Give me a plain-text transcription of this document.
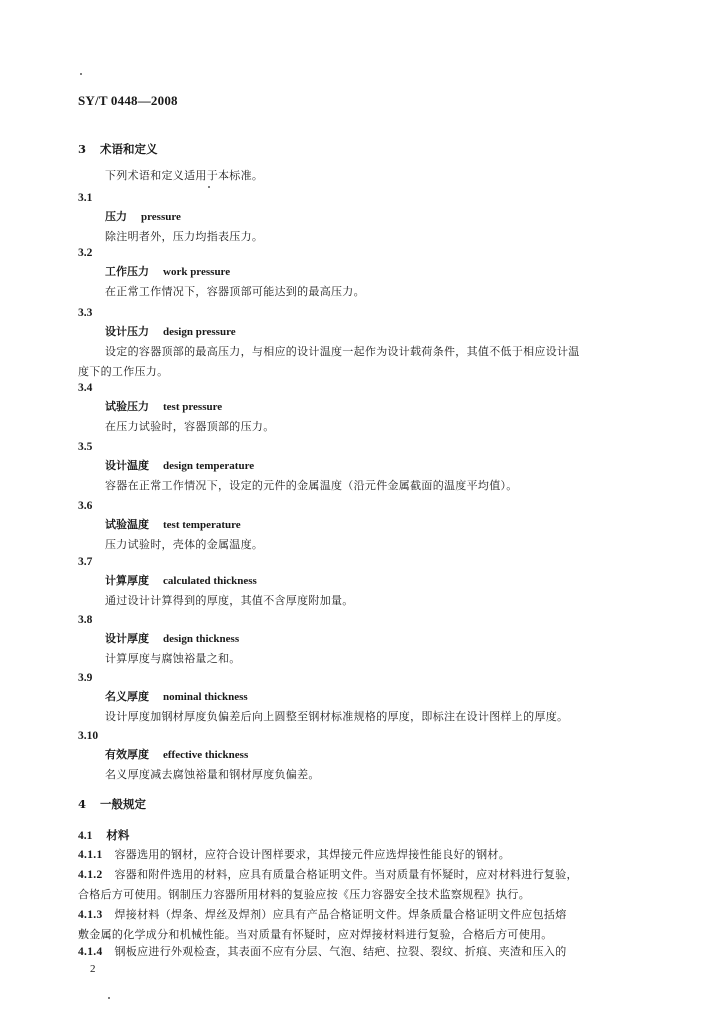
SY/T 0448—2008
3 术语和定义
下列术语和定义适用于本标准。
3.1
压力 pressure
除注明者外，压力均指表压力。
3.2
工作压力 work pressure
在正常工作情况下，容器顶部可能达到的最高压力。
3.3
设计压力 design pressure
设定的容器顶部的最高压力，与相应的设计温度一起作为设计载荷条件，其值不低于相应设计温
度下的工作压力。
3.4
试验压力 test pressure
在压力试验时，容器顶部的压力。
3.5
设计温度 design temperature
容器在正常工作情况下，设定的元件的金属温度（沿元件金属截面的温度平均值）。
3.6
试验温度 test temperature
压力试验时，壳体的金属温度。
3.7
计算厚度 calculated thickness
通过设计计算得到的厚度，其值不含厚度附加量。
3.8
设计厚度 design thickness
计算厚度与腐蚀裕量之和。
3.9
名义厚度 nominal thickness
设计厚度加钢材厚度负偏差后向上圆整至钢材标准规格的厚度，即标注在设计图样上的厚度。
3.10
有效厚度 effective thickness
名义厚度减去腐蚀裕量和钢材厚度负偏差。
4 一般规定
4.1 材料
4.1.1 容器选用的钢材，应符合设计图样要求，其焊接元件应选焊接性能良好的钢材。
4.1.2 容器和附件选用的材料，应具有质量合格证明文件。当对质量有怀疑时，应对材料进行复验，
合格后方可使用。钢制压力容器所用材料的复验应按《压力容器安全技术监察规程》执行。
4.1.3 焊接材料（焊条、焊丝及焊剂）应具有产品合格证明文件。焊条质量合格证明文件应包括熔
敷金属的化学成分和机械性能。当对质量有怀疑时，应对焊接材料进行复验，合格后方可使用。
4.1.4 钢板应进行外观检查，其表面不应有分层、气泡、结疤、拉裂、裂纹、折痕、夹渣和压入的
2
